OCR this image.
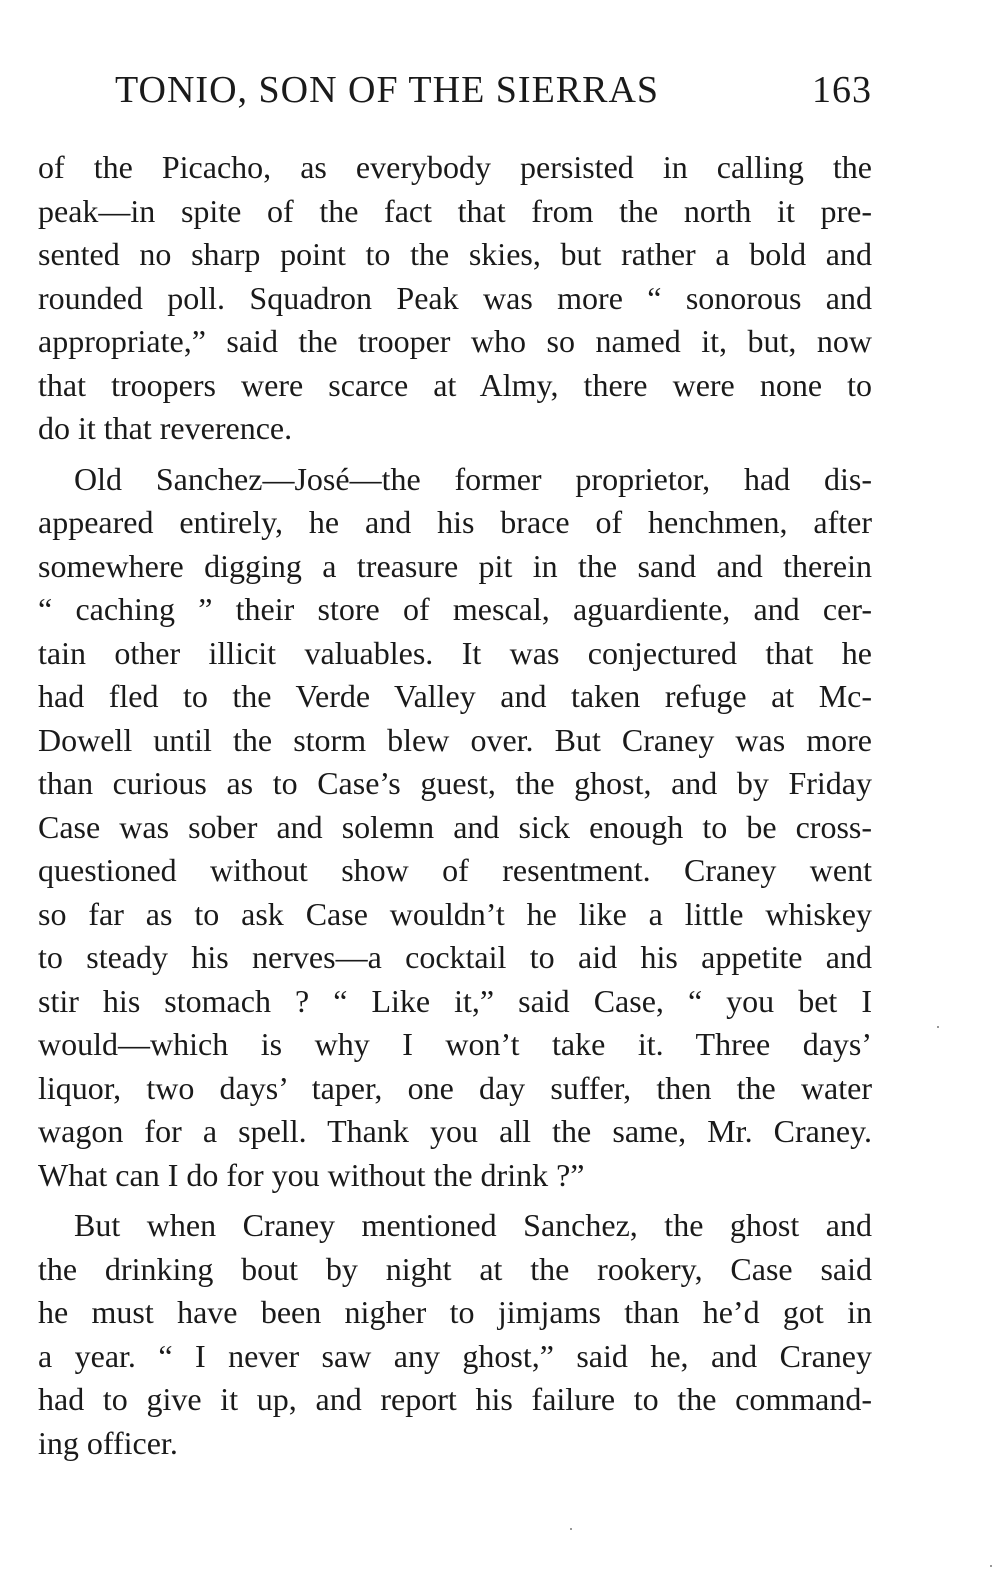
TONIO, SON OF THE SIERRAS	163
of the Picacho, as everybody persisted in calling the
peak—in spite of the fact that from the north it pre-
sented no sharp point to the skies, but rather a bold and
rounded poll. Squadron Peak was more “ sonorous and
appropriate,” said the trooper who so named it, but, now
that troopers were scarce at Almy, there were none to
do it that reverence.
Old Sanchez—José—the former proprietor, had dis-
appeared entirely, he and his brace of henchmen, after
somewhere digging a treasure pit in the sand and therein
“ caching ” their store of mescal, aguardiente, and cer-
tain other illicit valuables. It was conjectured that he
had fled to the Verde Valley and taken refuge at Mc-
Dowell until the storm blew over. But Craney was more
than curious as to Case’s guest, the ghost, and by Friday
Case was sober and solemn and sick enough to be cross-
questioned without show of resentment. Craney went
so far as to ask Case wouldn’t he like a little whiskey
to steady his nerves—a cocktail to aid his appetite and
stir his stomach ? “ Like it,” said Case, “ you bet I
would—which is why I won’t take it. Three days’
liquor, two days’ taper, one day suffer, then the water
wagon for a spell. Thank you all the same, Mr. Craney.
What can I do for you without the drink ?”
But when Craney mentioned Sanchez, the ghost and
the drinking bout by night at the rookery, Case said
he must have been nigher to jimjams than he’d got in
a year. “ I never saw any ghost,” said he, and Craney
had to give it up, and report his failure to the command-
ing officer.
